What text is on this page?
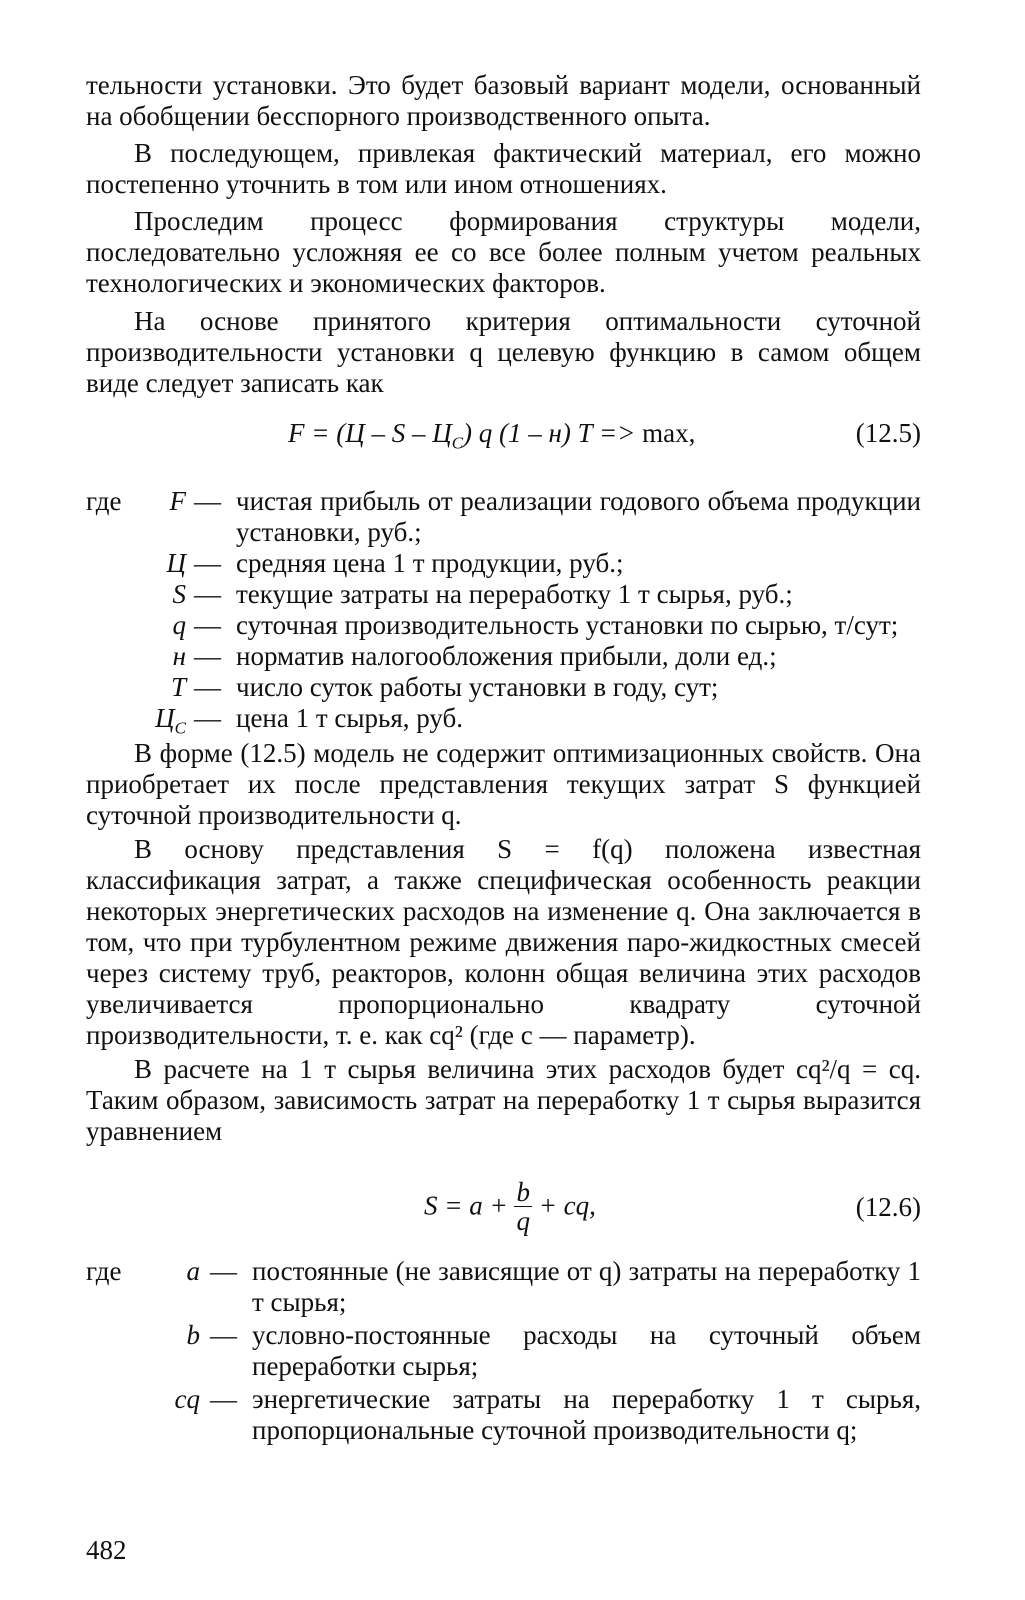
тельности установки. Это будет базовый вариант модели, основанный на обобщении бесспорного производственного опыта.

В последующем, привлекая фактический материал, его можно постепенно уточнить в том или ином отношениях.

Проследим процесс формирования структуры модели, последовательно усложняя ее со все более полным учетом реальных технологических и экономических факторов.

На основе принятого критерия оптимальности суточной производительности установки q целевую функцию в самом общем виде следует записать как

$F = (Ц - S - Ц_С)$ q (1 – н) T => max,	(12.5)
где	F — чистая прибыль от реализации годового объема продукции установки, руб.;
Ц — средняя цена 1 т продукции, руб.;
S — текущие затраты на переработку 1 т сырья, руб.;
q — суточная производительность установки по сырью, т/сут;
н — норматив налогообложения прибыли, доли ед.;
T — число суток работы установки в году, сут;
$Ц_С$ — цена 1 т сырья, руб.

В форме (12.5) модель не содержит оптимизационных свойств. Она приобретает их после представления текущих затрат S функцией суточной производительности q.

В основу представления S = f(q) положена известная классификация затрат, а также специфическая особенность реакции некоторых энергетических расходов на изменение q. Она заключается в том, что при турбулентном режиме движения паро-жидкостных смесей через систему труб, реакторов, колонн общая величина этих расходов увеличивается пропорционально квадрату суточной производительности, т. е. как cq² (где c — параметр).

В расчете на 1 т сырья величина этих расходов будет cq²/q = cq. Таким образом, зависимость затрат на переработку 1 т сырья выразится уравнением

$S = a + \frac{b}{q}$ + cq,	(12.6)
где	a — постоянные (не зависящие от q) затраты на переработку 1 т сырья;
b — условно-постоянные расходы на суточный объем переработки сырья;
cq — энергетические затраты на переработку 1 т сырья, пропорциональные суточной производительности q;
482
